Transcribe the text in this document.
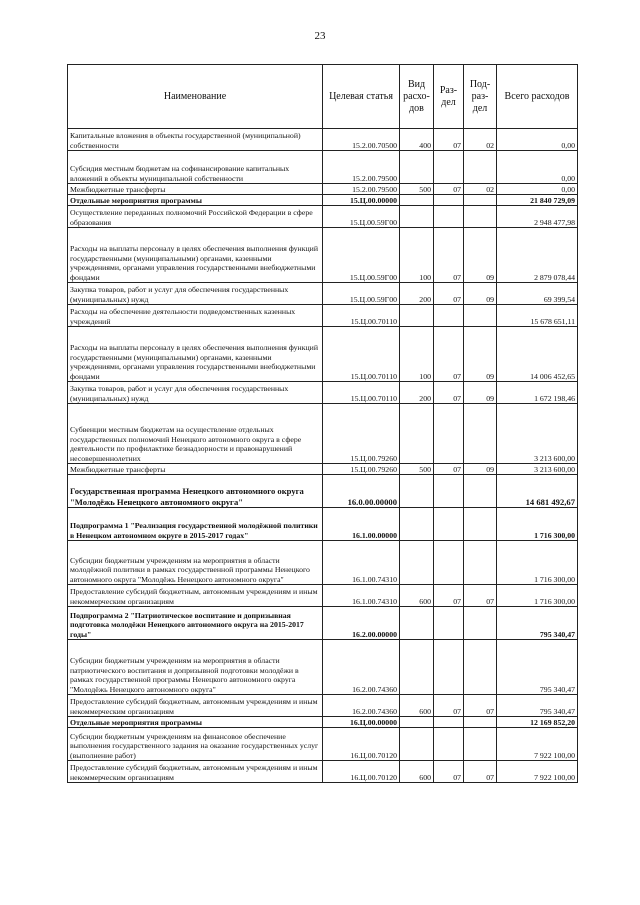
23
Наименование	Целевая статья	Вид расхо-дов	Раз-дел	Под-раз-дел	Всего расходов
Капитальные вложения в объекты государственной (муниципальной) собственности	15.2.00.70500	400	07	02	0,00
Субсидия местным бюджетам на софинансирование капитальных вложений в объекты муниципальной собственности	15.2.00.79500				0,00
Межбюджетные трансферты	15.2.00.79500	500	07	02	0,00
Отдельные мероприятия программы	15.Ц.00.00000				21 840 729,09
Осуществление переданных полномочий Российской Федерации в сфере образования	15.Ц.00.59Г00				2 948 477,98
Расходы на выплаты персоналу в целях обеспечения выполнения функций государственными (муниципальными) органами, казенными учреждениями, органами управления государственными внебюджетными фондами	15.Ц.00.59Г00	100	07	09	2 879 078,44
Закупка товаров, работ и услуг для обеспечения государственных (муниципальных) нужд	15.Ц.00.59Г00	200	07	09	69 399,54
Расходы на обеспечение деятельности подведомственных казенных учреждений	15.Ц.00.70110				15 678 651,11
Расходы на выплаты персоналу в целях обеспечения выполнения функций государственными (муниципальными) органами, казенными учреждениями, органами управления государственными внебюджетными фондами	15.Ц.00.70110	100	07	09	14 006 452,65
Закупка товаров, работ и услуг для обеспечения государственных (муниципальных) нужд	15.Ц.00.70110	200	07	09	1 672 198,46
Субвенции местным бюджетам на осуществление отдельных государственных полномочий Ненецкого автономного округа в сфере деятельности по профилактике безнадзорности и правонарушений несовершеннолетних	15.Ц.00.79260				3 213 600,00
Межбюджетные трансферты	15.Ц.00.79260	500	07	09	3 213 600,00
Государственная программа Ненецкого автономного округа "Молодёжь Ненецкого автономного округа"	16.0.00.00000				14 681 492,67
Подпрограмма 1 "Реализация государственной молодёжной политики в Ненецком автономном округе в 2015-2017 годах"	16.1.00.00000				1 716 300,00
Субсидии бюджетным учреждениям на мероприятия в области молодёжной политики в рамках государственной программы Ненецкого автономного округа "Молодёжь Ненецкого автономного округа"	16.1.00.74310				1 716 300,00
Предоставление субсидий бюджетным, автономным учреждениям и иным некоммерческим организациям	16.1.00.74310	600	07	07	1 716 300,00
Подпрограмма 2 "Патриотическое воспитание и допризывная подготовка молодёжи Ненецкого автономного округа на 2015-2017 годы"	16.2.00.00000				795 340,47
Субсидии бюджетным учреждениям на мероприятия в области патриотического воспитания и допризывной подготовки молодёжи в рамках государственной программы Ненецкого автономного округа "Молодёжь Ненецкого автономного округа"	16.2.00.74360				795 340,47
Предоставление субсидий бюджетным, автономным учреждениям и иным некоммерческим организациям	16.2.00.74360	600	07	07	795 340,47
Отдельные мероприятия программы	16.Ц.00.00000				12 169 852,20
Субсидии бюджетным учреждениям на финансовое обеспечение выполнения государственного задания на оказание государственных услуг (выполнение работ)	16.Ц.00.70120				7 922 100,00
Предоставление субсидий бюджетным, автономным учреждениям и иным некоммерческим организациям	16.Ц.00.70120	600	07	07	7 922 100,00
